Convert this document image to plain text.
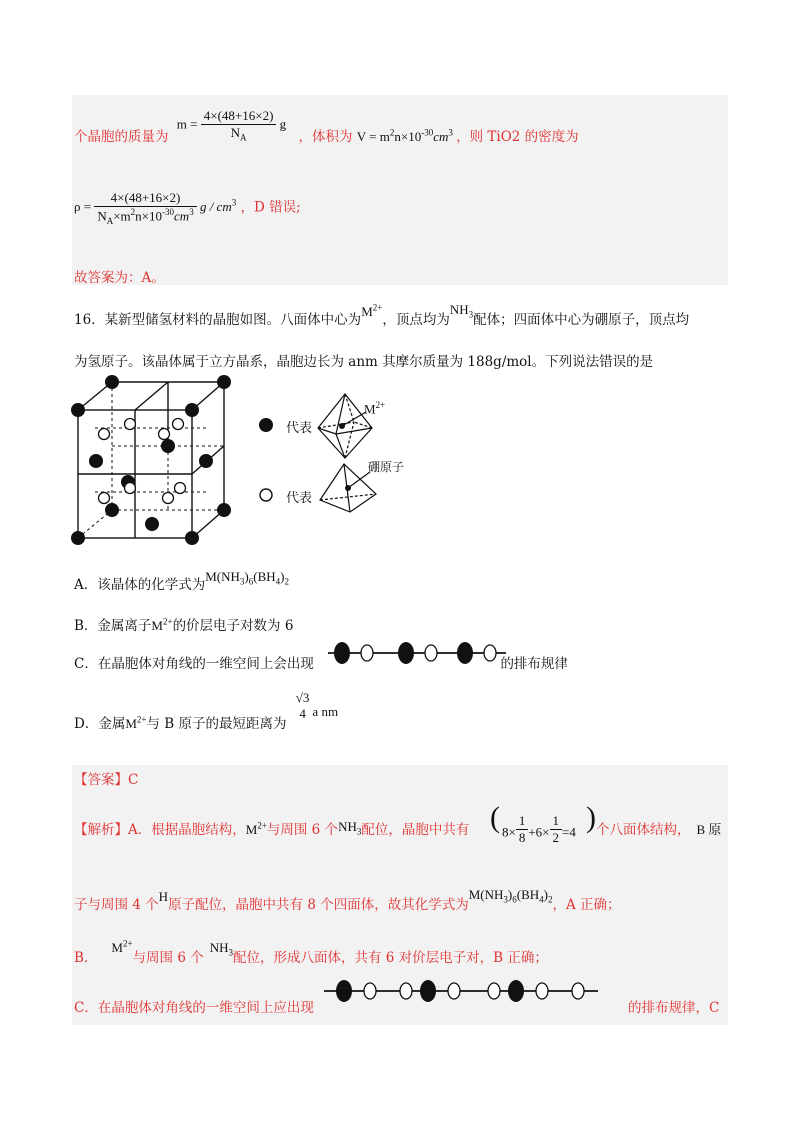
个晶胞的质量为 $m = \frac{4\times(48+16\times 2)}{N_A}$ g ，体积为 $V = m^2n\times 10^{-30}cm^3$ ，则 TiO2 的密度为
$\rho = \frac{4\times(48+16\times 2)}{N_A\times m^2n\times 10^{-30}cm^3}$ g / $cm^3$ ，D 错误;
故答案为：A。
16．某新型储氢材料的晶胞如图。八面体中心为$M^{2+}$，顶点均为$NH_3$配体；四面体中心为硼原子，顶点均
为氢原子。该晶体属于立方晶系，晶胞边长为 anm 其摩尔质量为 188g/mol。下列说法错误的是
代表
代表
$M^{2+}$
硼原子
A．该晶体的化学式为$M(NH_3)_6(BH_4)_2$
B．金属离子$M^{2+}$的价层电子对数为 6
C．在晶胞体对角线的一维空间上会出现	的排布规律
D．金属$M^{2+}$与 B 原子的最短距离为
√3
4 a nm
【答案】C
【解析】A．根据晶胞结构，$M^{2+}$与周围 6 个$NH_3$配位，晶胞中共有 ( $8\times \frac{1}{8} +6\times \frac{1}{2} =4$ ) 个八面体结构， B 原
子与周围 4 个H原子配位，晶胞中共有 8 个四面体，故其化学式为$M(NH_3)_6(BH_4)_2$，A 正确；
B．$M^{2+}$与周围 6 个$NH_3$配位，形成八面体，共有 6 对价层电子对，B 正确；
C．在晶胞体对角线的一维空间上应出现	的排布规律，C
